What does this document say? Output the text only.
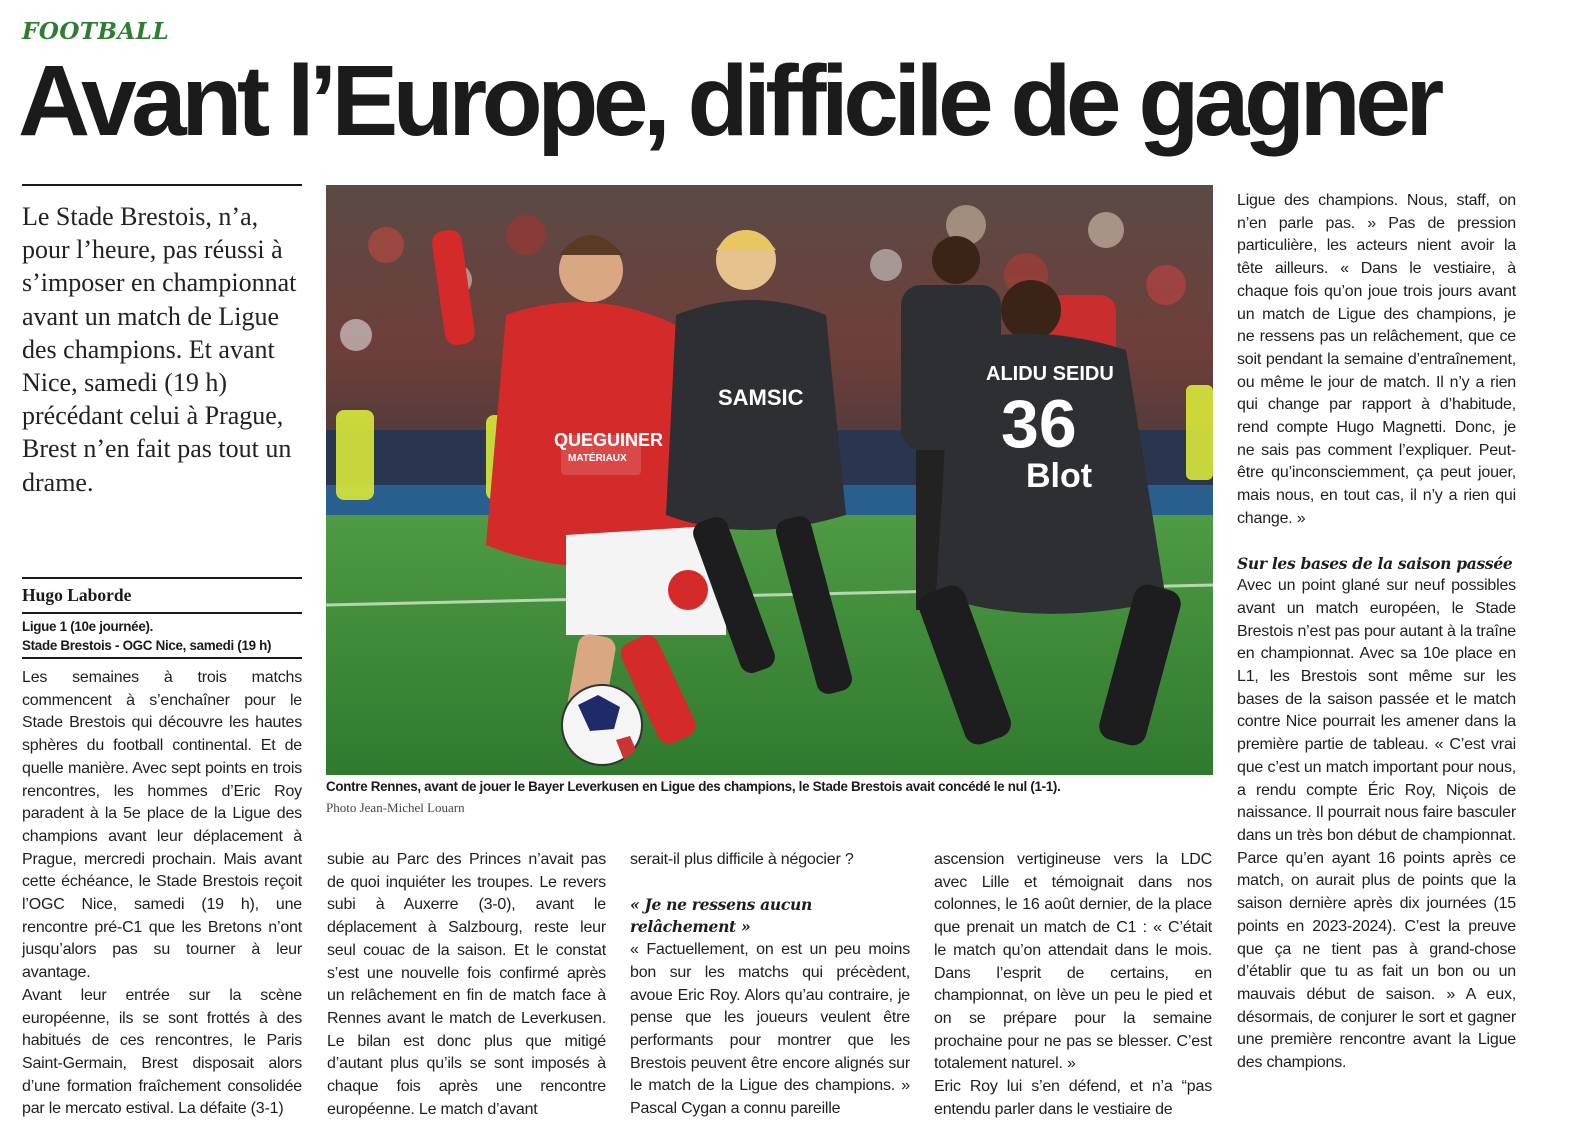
FOOTBALL
Avant l’Europe, difficile de gagner
Le Stade Brestois, n’a, pour l’heure, pas réussi à s’imposer en championnat avant un match de Ligue des champions. Et avant Nice, samedi (19 h) précédant celui à Prague, Brest n’en fait pas tout un drame.
Hugo Laborde
Ligue 1 (10e journée).
Stade Brestois - OGC Nice, samedi (19 h)
QUEGUINER
MATÉRIAUX
SAMSIC
ALIDU SEIDU
36
Blot
Contre Rennes, avant de jouer le Bayer Leverkusen en Ligue des champions, le Stade Brestois avait concédé le nul (1-1).
Photo Jean-Michel Louarn

Les semaines à trois matchs commencent à s’enchaîner pour le Stade Brestois qui découvre les hautes sphères du football continental. Et de quelle manière. Avec sept points en trois rencontres, les hommes d’Eric Roy paradent à la 5e place de la Ligue des champions avant leur déplacement à Prague, mercredi prochain. Mais avant cette échéance, le Stade Brestois reçoit l’OGC Nice, samedi (19 h), une rencontre pré-C1 que les Bretons n’ont jusqu’alors pas su tourner à leur avantage.

Avant leur entrée sur la scène européenne, ils se sont frottés à des habitués de ces rencontres, le Paris Saint-Germain, Brest disposait alors d’une formation fraîchement consolidée par le mercato estival. La défaite (3-1)

subie au Parc des Princes n’avait pas de quoi inquiéter les troupes. Le revers subi à Auxerre (3-0), avant le déplacement à Salzbourg, reste leur seul couac de la saison. Et le constat s’est une nouvelle fois confirmé après un relâchement en fin de match face à Rennes avant le match de Leverkusen. Le bilan est donc plus que mitigé d’autant plus qu’ils se sont imposés à chaque fois après une rencontre européenne. Le match d’avant

serait-il plus difficile à négocier ?

« Je ne ressens aucun relâchement »

« Factuellement, on est un peu moins bon sur les matchs qui précèdent, avoue Eric Roy. Alors qu’au contraire, je pense que les joueurs veulent être performants pour montrer que les Brestois peuvent être encore alignés sur le match de la Ligue des champions. » Pascal Cygan a connu pareille

ascension vertigineuse vers la LDC avec Lille et témoignait dans nos colonnes, le 16 août dernier, de la place que prenait un match de C1 : « C’était le match qu’on attendait dans le mois. Dans l’esprit de certains, en championnat, on lève un peu le pied et on se prépare pour la semaine prochaine pour ne pas se blesser. C’est totalement naturel. »

Eric Roy lui s’en défend, et n’a “pas entendu parler dans le vestiaire de

Ligue des champions. Nous, staff, on n’en parle pas. » Pas de pression particulière, les acteurs nient avoir la tête ailleurs. « Dans le vestiaire, à chaque fois qu’on joue trois jours avant un match de Ligue des champions, je ne ressens pas un relâchement, que ce soit pendant la semaine d’entraînement, ou même le jour de match. Il n’y a rien qui change par rapport à d’habitude, rend compte Hugo Magnetti. Donc, je ne sais pas comment l’expliquer. Peut-être qu’inconsciemment, ça peut jouer, mais nous, en tout cas, il n’y a rien qui change. »

Sur les bases de la saison passée

Avec un point glané sur neuf possibles avant un match européen, le Stade Brestois n’est pas pour autant à la traîne en championnat. Avec sa 10e place en L1, les Brestois sont même sur les bases de la saison passée et le match contre Nice pourrait les amener dans la première partie de tableau. « C’est vrai que c’est un match important pour nous, a rendu compte Éric Roy, Niçois de naissance. Il pourrait nous faire basculer dans un très bon début de championnat. Parce qu’en ayant 16 points après ce match, on aurait plus de points que la saison dernière après dix journées (15 points en 2023-2024). C’est la preuve que ça ne tient pas à grand-chose d’établir que tu as fait un bon ou un mauvais début de saison. » A eux, désormais, de conjurer le sort et gagner une première rencontre avant la Ligue des champions.
